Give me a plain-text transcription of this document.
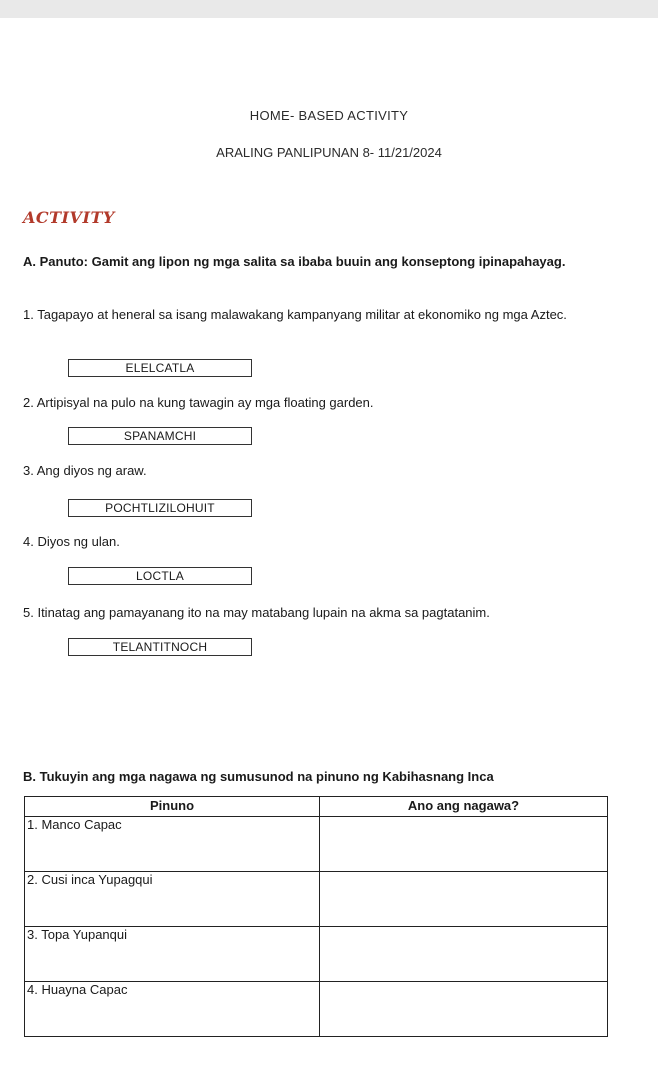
HOME- BASED ACTIVITY
ARALING PANLIPUNAN 8- 11/21/2024
ACTIVITY
A. Panuto: Gamit ang lipon ng mga salita sa ibaba buuin ang konseptong ipinapahayag.
1. Tagapayo at heneral sa isang malawakang kampanyang militar at ekonomiko ng mga Aztec.
ELELCATLA
2. Artipisyal na pulo na kung tawagin ay mga floating garden.
SPANAMCHI
3. Ang diyos ng araw.
POCHTLIZILOHUIT
4. Diyos ng ulan.
LOCTLA
5. Itinatag ang pamayanang ito na may matabang lupain na akma sa pagtatanim.
TELANTITNOCH
B. Tukuyin ang mga nagawa ng sumusunod na pinuno ng Kabihasnang Inca
Pinuno	Ano ang nagawa?
1. Manco Capac	
2. Cusi inca Yupagqui	
3. Topa Yupanqui	
4. Huayna Capac	
